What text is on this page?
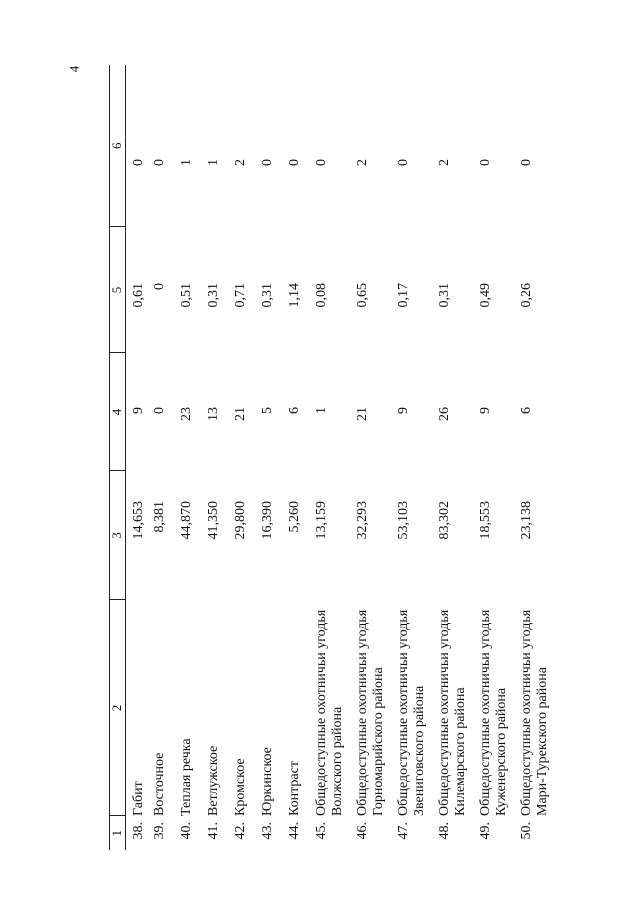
4
1	2	3	4	5	6
38.	Габит	14,653	9	0,61	0
39.	Восточное	8,381	0	0	0
40.	Теплая речка	44,870	23	0,51	1
41.	Ветлужское	41,350	13	0,31	1
42.	Кромское	29,800	21	0,71	2
43.	Юркинское	16,390	5	0,31	0
44.	Контраст	5,260	6	1,14	0
45.	Общедоступные охотничьи угодья Волжского района	13,159	1	0,08	0
46.	Общедоступные охотничьи угодья Горномарийского района	32,293	21	0,65	2
47.	Общедоступные охотничьи угодья Звениговского района	53,103	9	0,17	0
48.	Общедоступные охотничьи угодья Килемарского района	83,302	26	0,31	2
49.	Общедоступные охотничьи угодья Куженерского района	18,553	9	0,49	0
50.	Общедоступные охотничьи угодья Мари-Турекского района	23,138	6	0,26	0
